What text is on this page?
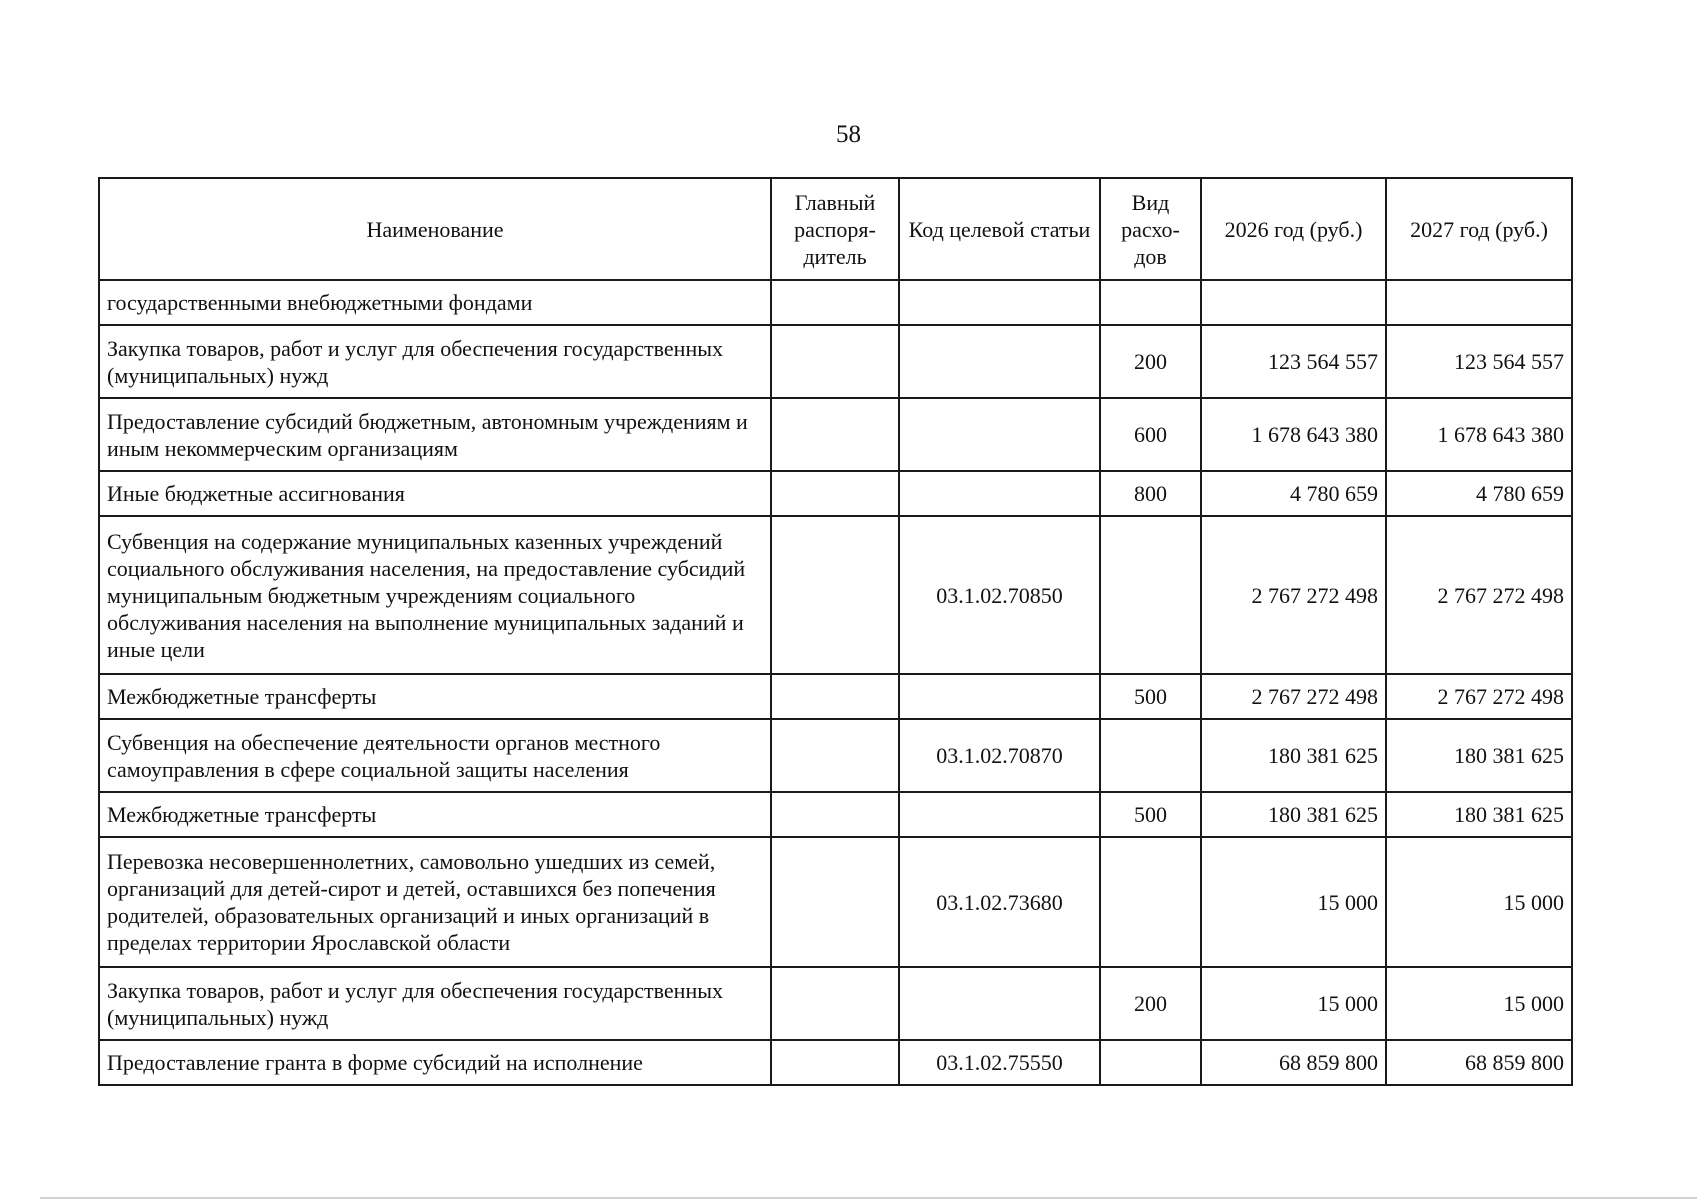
58
Наименование	Главный распоря-дитель	Код целевой статьи	Вид расхо-дов	2026 год (руб.)	2027 год (руб.)
государственными внебюджетными фондами					
Закупка товаров, работ и услуг для обеспечения государственных (муниципальных) нужд			200	123 564 557	123 564 557
Предоставление субсидий бюджетным, автономным учреждениям и иным некоммерческим организациям			600	1 678 643 380	1 678 643 380
Иные бюджетные ассигнования			800	4 780 659	4 780 659
Субвенция на содержание муниципальных казенных учреждений социального обслуживания населения, на предоставление субсидий муниципальным бюджетным учреждениям социального обслуживания населения на выполнение муниципальных заданий и иные цели		03.1.02.70850		2 767 272 498	2 767 272 498
Межбюджетные трансферты			500	2 767 272 498	2 767 272 498
Субвенция на обеспечение деятельности органов местного самоуправления в сфере социальной защиты населения		03.1.02.70870		180 381 625	180 381 625
Межбюджетные трансферты			500	180 381 625	180 381 625
Перевозка несовершеннолетних, самовольно ушедших из семей, организаций для детей-сирот и детей, оставшихся без попечения родителей, образовательных организаций и иных организаций в пределах территории Ярославской области		03.1.02.73680		15 000	15 000
Закупка товаров, работ и услуг для обеспечения государственных (муниципальных) нужд			200	15 000	15 000
Предоставление гранта в форме субсидий на исполнение		03.1.02.75550		68 859 800	68 859 800
